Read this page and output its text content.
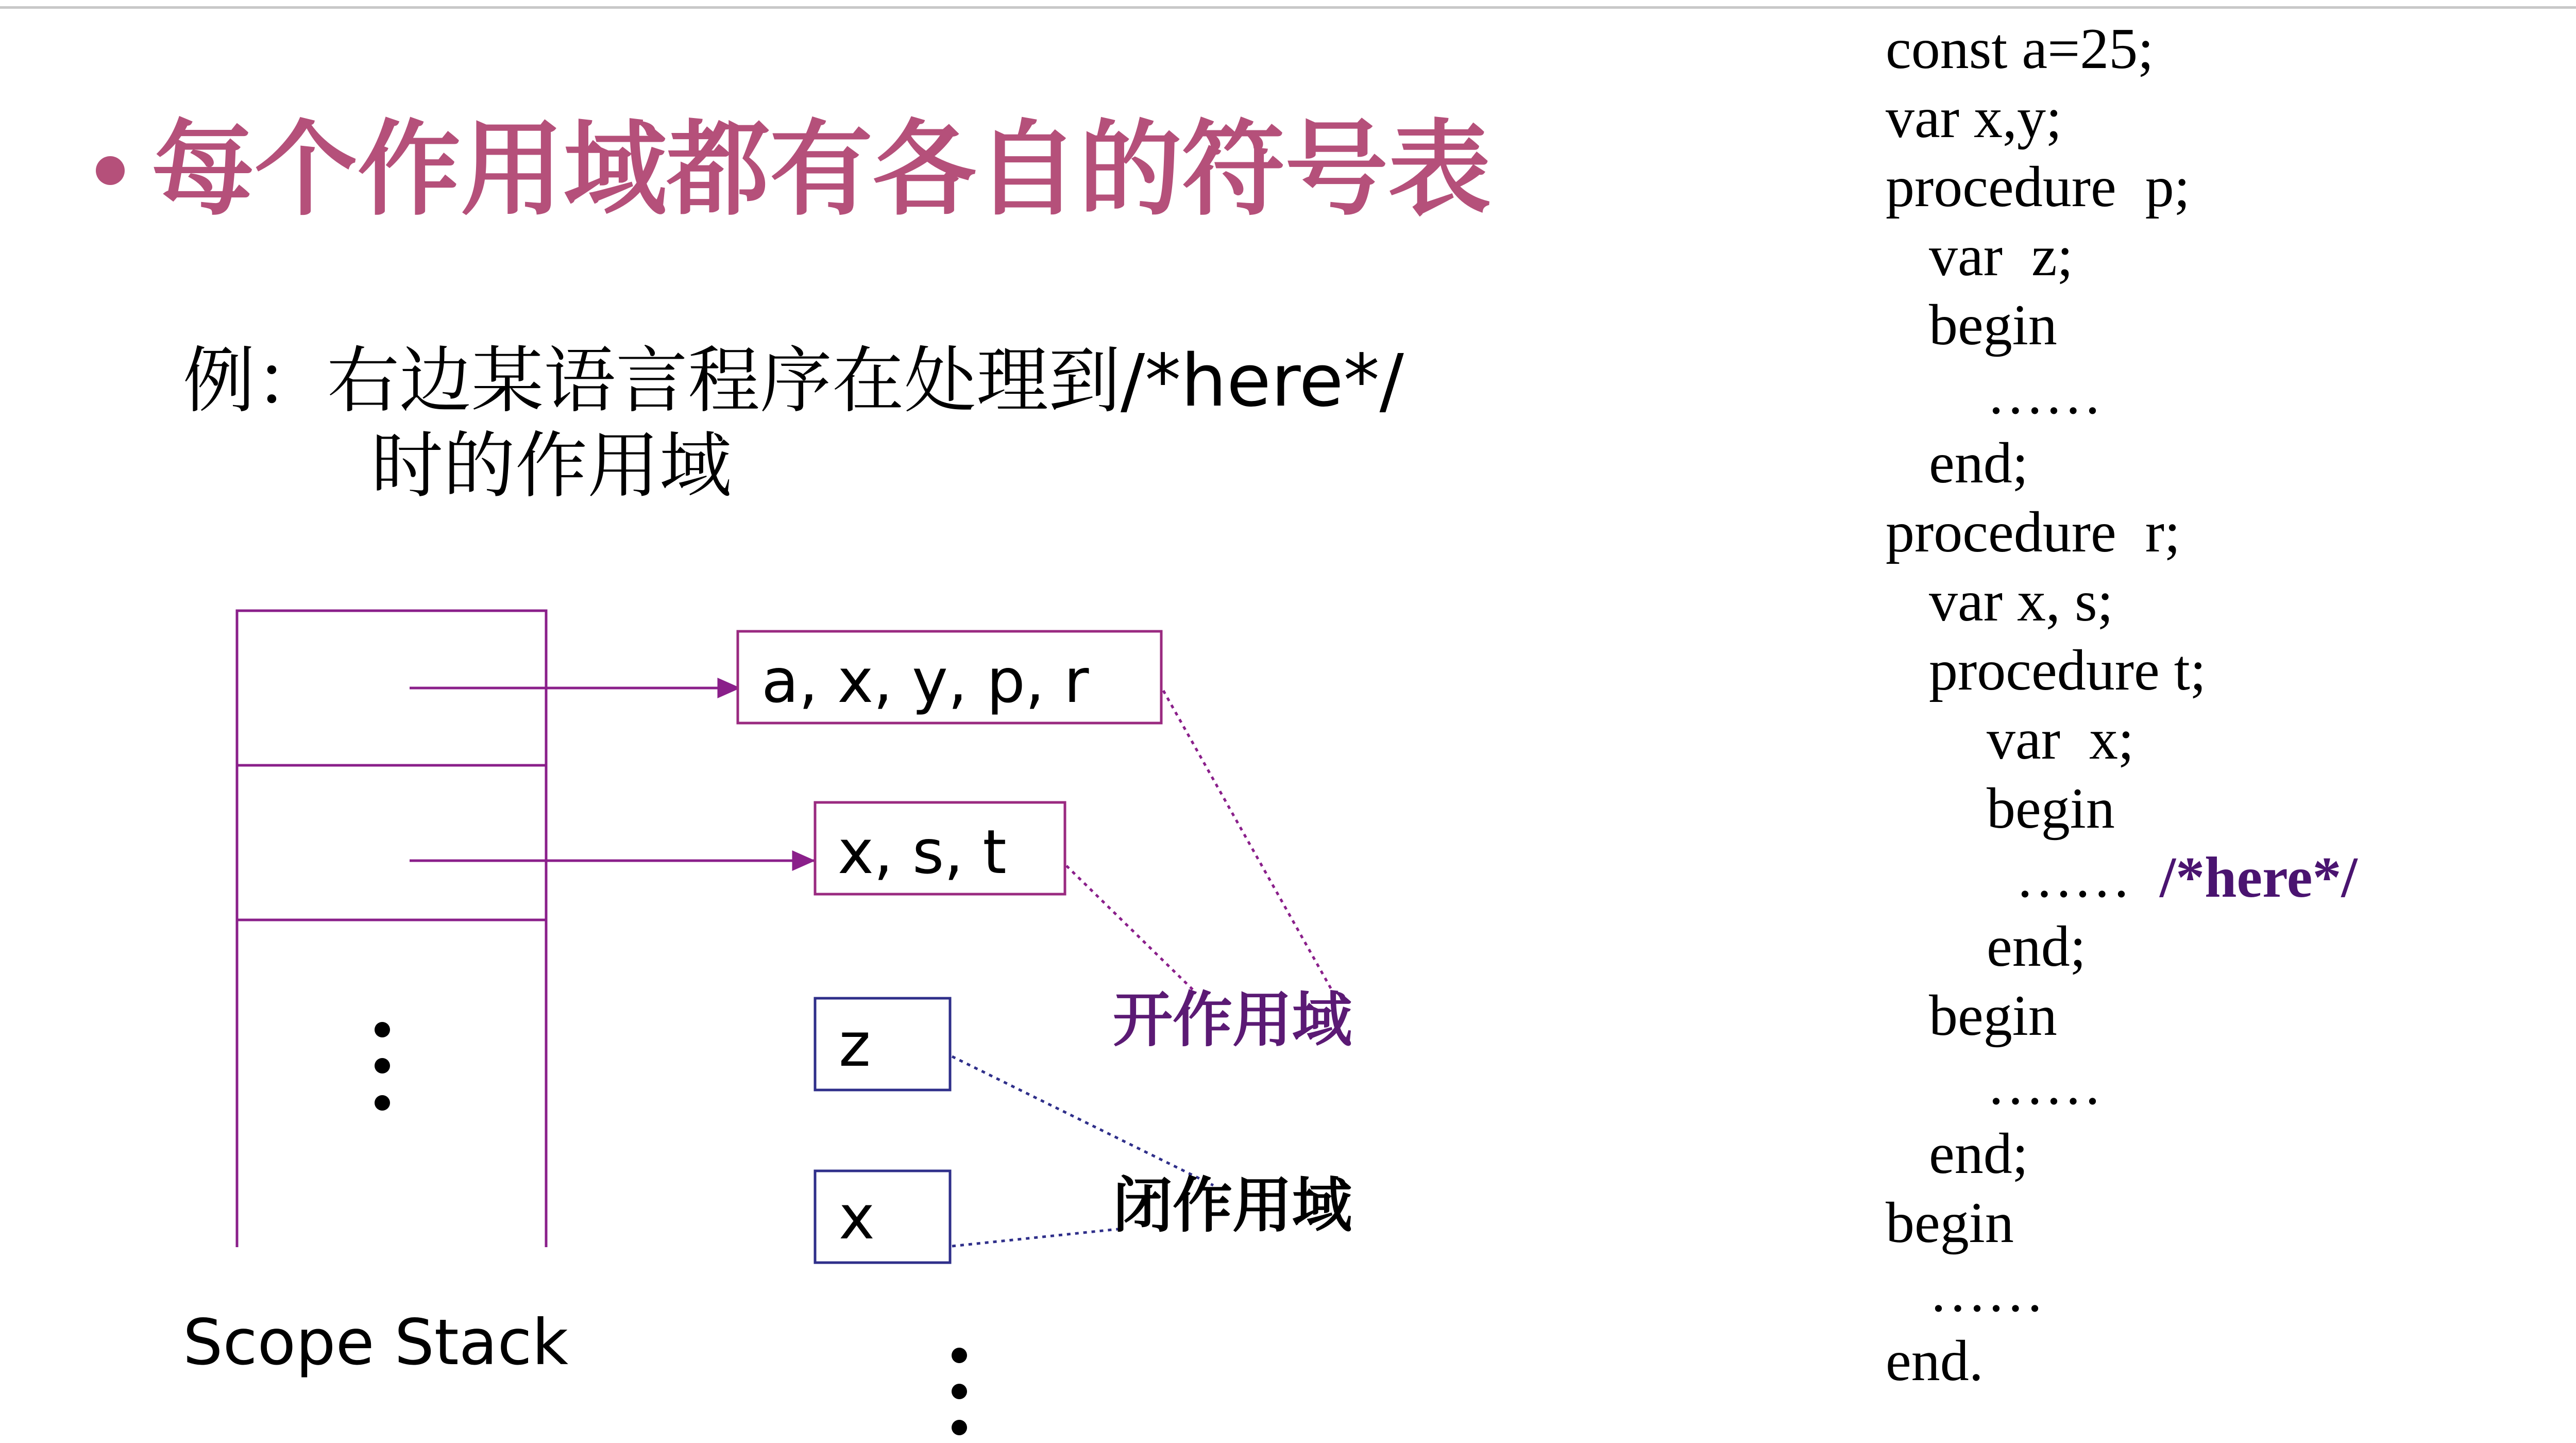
每个作用域都有各自的符号表
例：右边某语言程序在处理到/*here*/
时的作用域
a, x, y, p, r
x, s, t
z
x
开作用域
闭作用域
Scope Stack
const a=25;
var x,y;
procedure  p;
var  z;
begin
……
end;
procedure  r;
var x, s;
procedure t;
var  x;
begin
……  /*here*/
end;
begin
……
end;
begin
……
end.
